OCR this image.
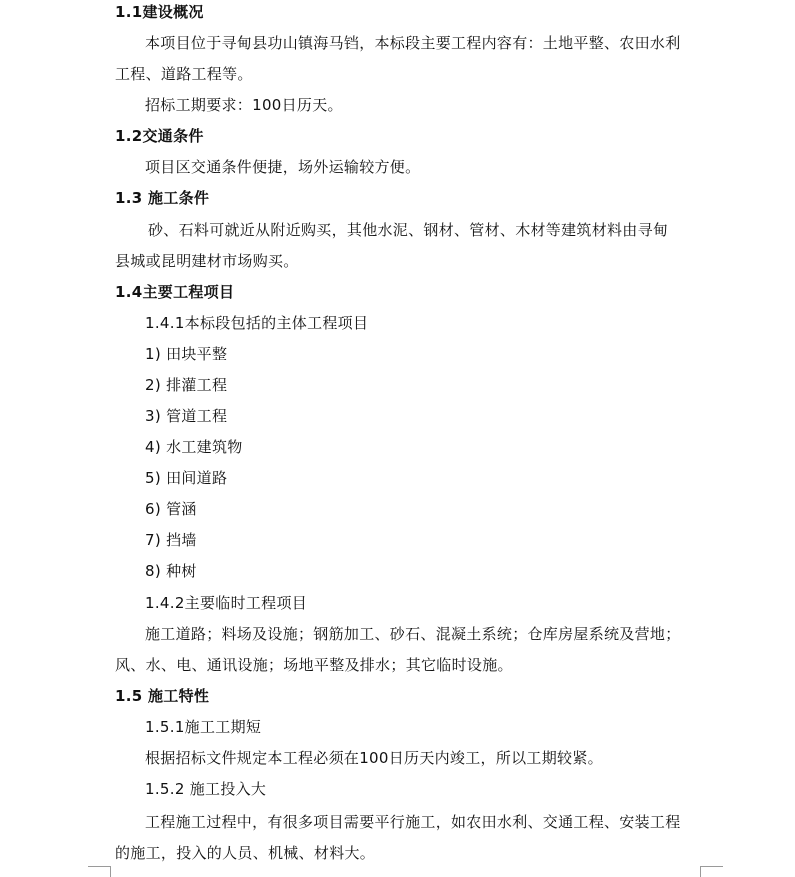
1.1建设概况
本项目位于寻甸县功山镇海马铛，本标段主要工程内容有：土地平整、农田水利
工程、道路工程等。
招标工期要求：100日历天。
1.2交通条件
项目区交通条件便捷，场外运输较方便。
1.3 施工条件
砂、石料可就近从附近购买，其他水泥、钢材、管材、木材等建筑材料由寻甸
县城或昆明建材市场购买。
1.4主要工程项目
1.4.1本标段包括的主体工程项目
1) 田块平整
2) 排灌工程
3) 管道工程
4) 水工建筑物
5) 田间道路
6) 管涵
7) 挡墙
8) 种树
1.4.2主要临时工程项目
施工道路；料场及设施；钢筋加工、砂石、混凝土系统；仓库房屋系统及营地；
风、水、电、通讯设施；场地平整及排水；其它临时设施。
1.5 施工特性
1.5.1施工工期短
根据招标文件规定本工程必须在100日历天内竣工，所以工期较紧。
1.5.2 施工投入大
工程施工过程中，有很多项目需要平行施工，如农田水利、交通工程、安装工程
的施工，投入的人员、机械、材料大。
